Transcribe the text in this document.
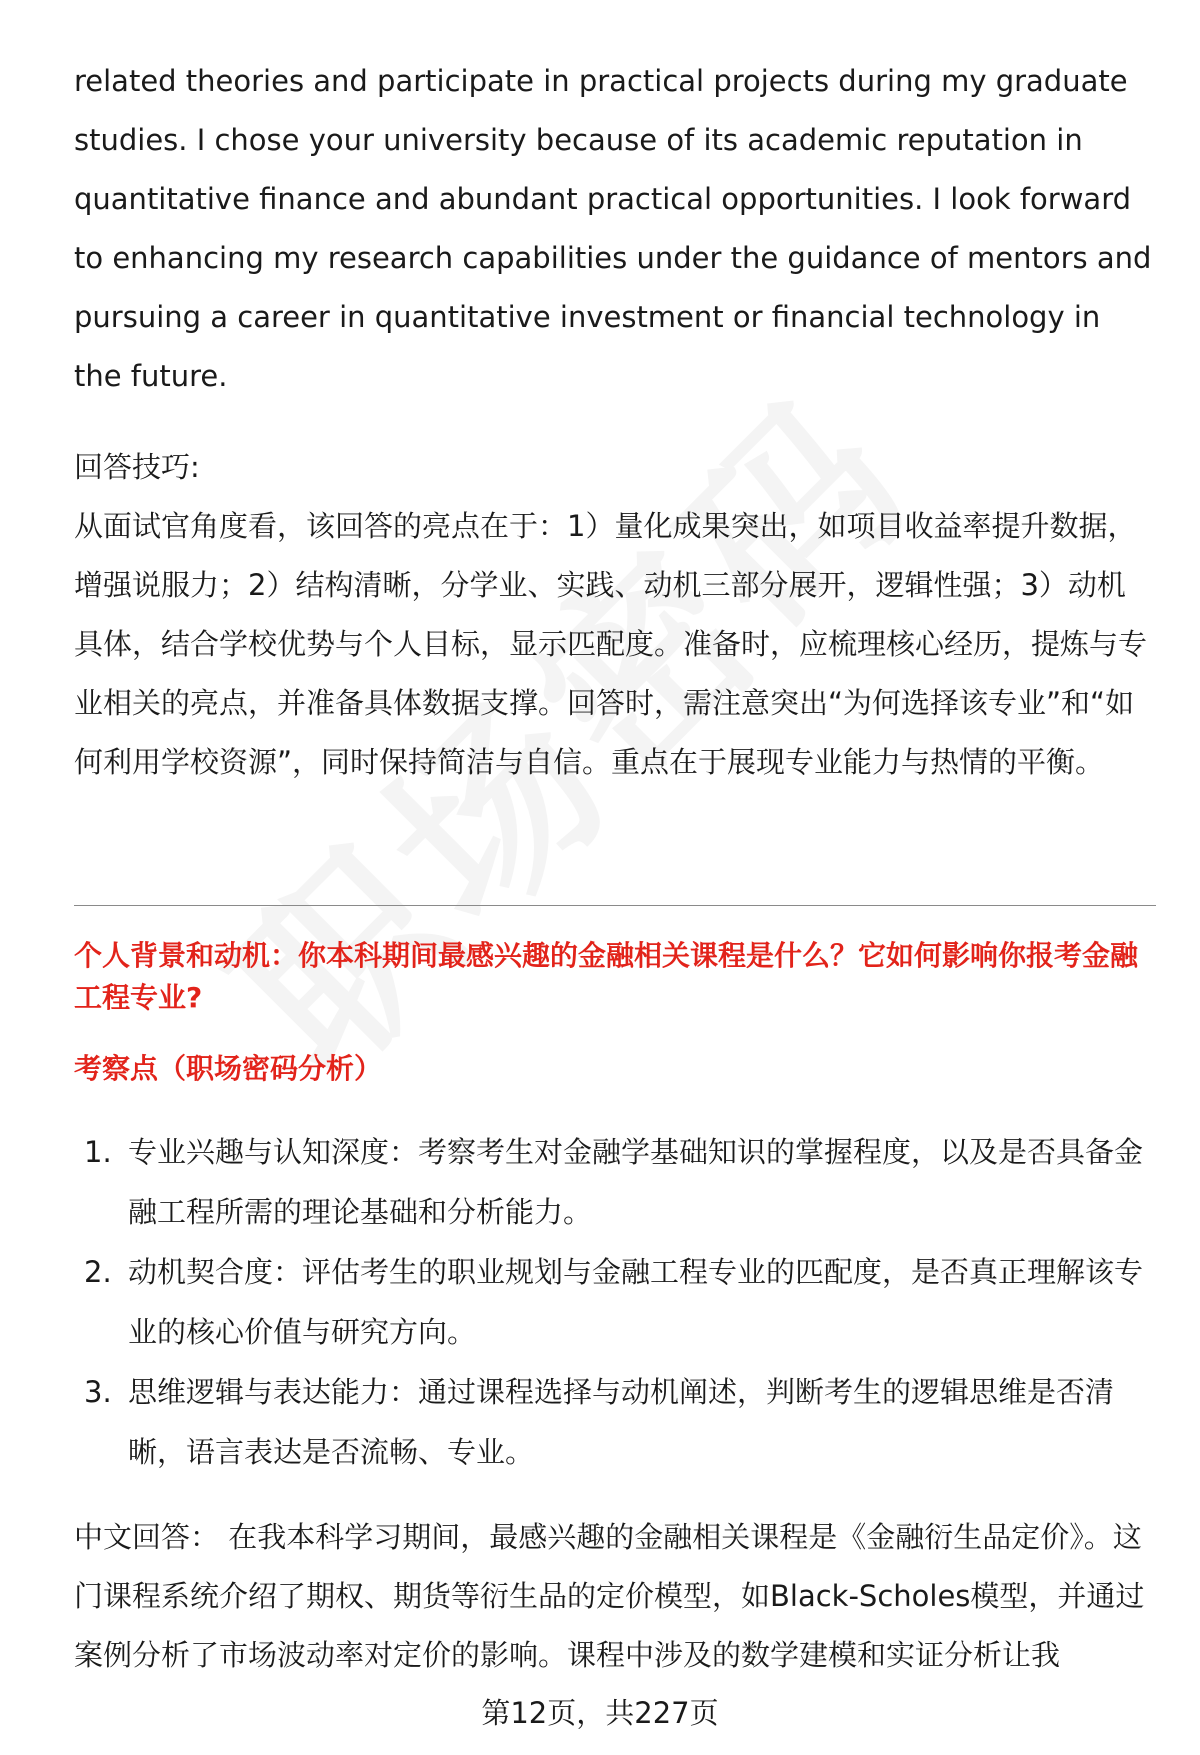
related theories and participate in practical projects during my graduate studies. I chose your university because of its academic reputation in quantitative finance and abundant practical opportunities. I look forward to enhancing my research capabilities under the guidance of mentors and pursuing a career in quantitative investment or financial technology in the future.

回答技巧:

从面试官角度看，该回答的亮点在于：1）量化成果突出，如项目收益率提升数据，增强说服力；2）结构清晰，分学业、实践、动机三部分展开，逻辑性强；3）动机具体，结合学校优势与个人目标，显示匹配度。准备时，应梳理核心经历，提炼与专业相关的亮点，并准备具体数据支撑。回答时，需注意突出“为何选择该专业”和“如何利用学校资源”，同时保持简洁与自信。重点在于展现专业能力与热情的平衡。

个人背景和动机：你本科期间最感兴趣的金融相关课程是什么？它如何影响你报考金融工程专业?
考察点（职场密码分析）
1. 专业兴趣与认知深度：考察考生对金融学基础知识的掌握程度，以及是否具备金融工程所需的理论基础和分析能力。
2. 动机契合度：评估考生的职业规划与金融工程专业的匹配度，是否真正理解该专业的核心价值与研究方向。
3. 思维逻辑与表达能力：通过课程选择与动机阐述，判断考生的逻辑思维是否清晰，语言表达是否流畅、专业。

中文回答： 在我本科学习期间，最感兴趣的金融相关课程是《金融衍生品定价》。这门课程系统介绍了期权、期货等衍生品的定价模型，如Black-Scholes模型，并通过案例分析了市场波动率对定价的影响。课程中涉及的数学建模和实证分析让我

第12页，共227页
